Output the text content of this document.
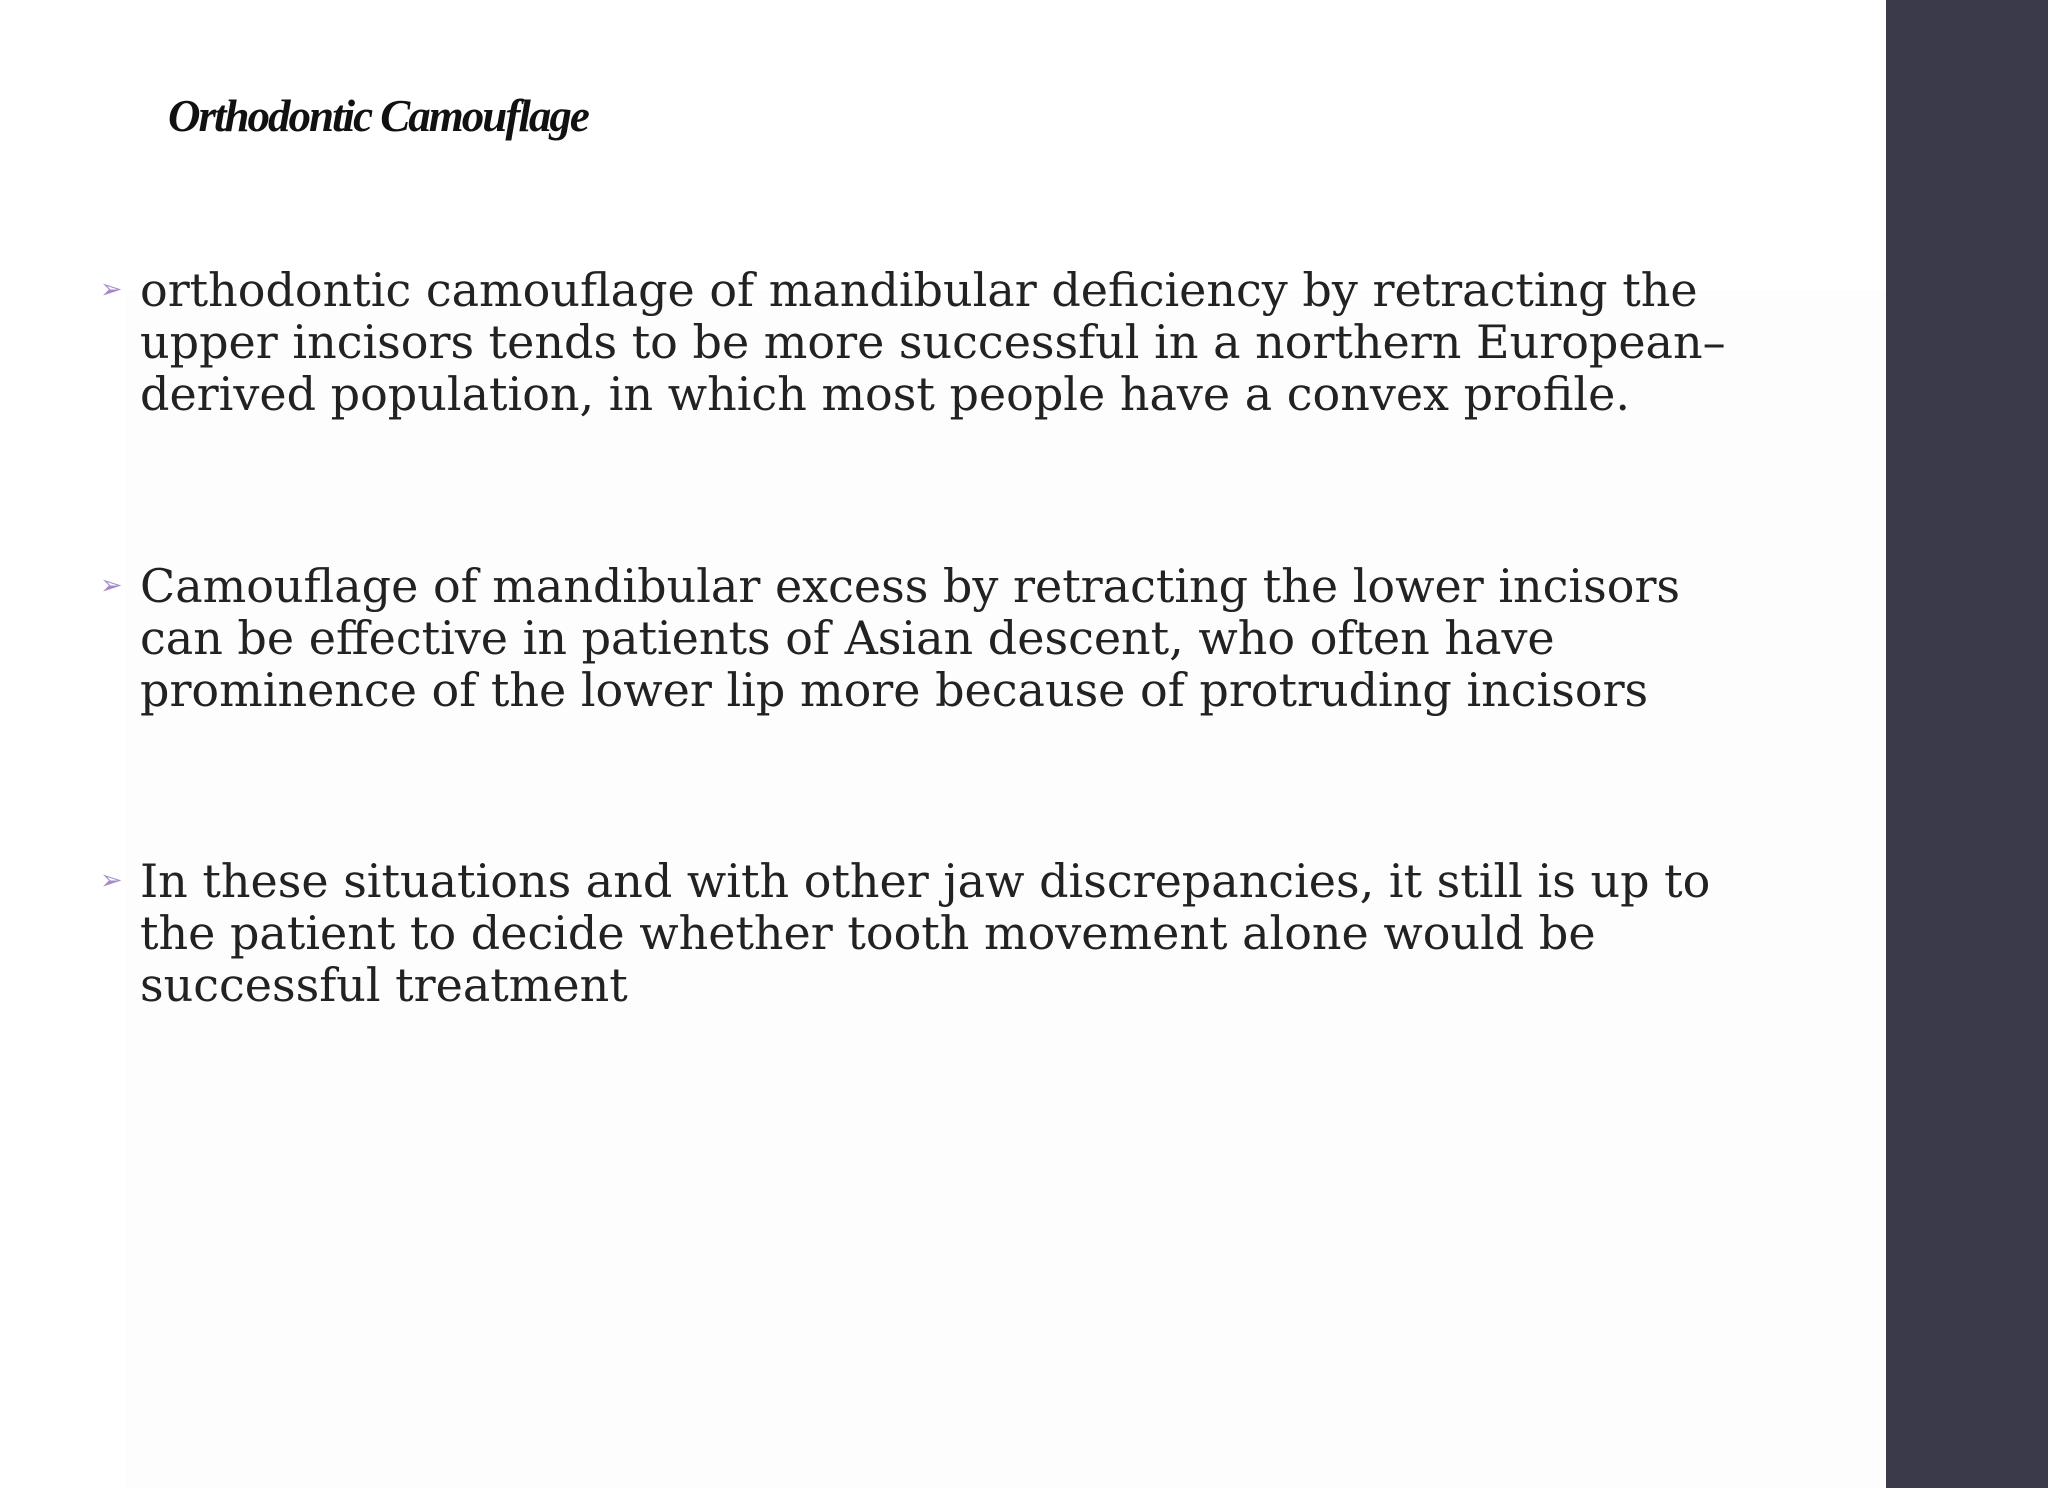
Orthodontic Camouflage
➢ orthodontic camouflage of mandibular deficiency by retracting the
upper incisors tends to be more successful in a northern European–
derived population, in which most people have a convex profile.
➢ Camouflage of mandibular excess by retracting the lower incisors
can be effective in patients of Asian descent, who often have
prominence of the lower lip more because of protruding incisors
➢ In these situations and with other jaw discrepancies, it still is up to
the patient to decide whether tooth movement alone would be
successful treatment
